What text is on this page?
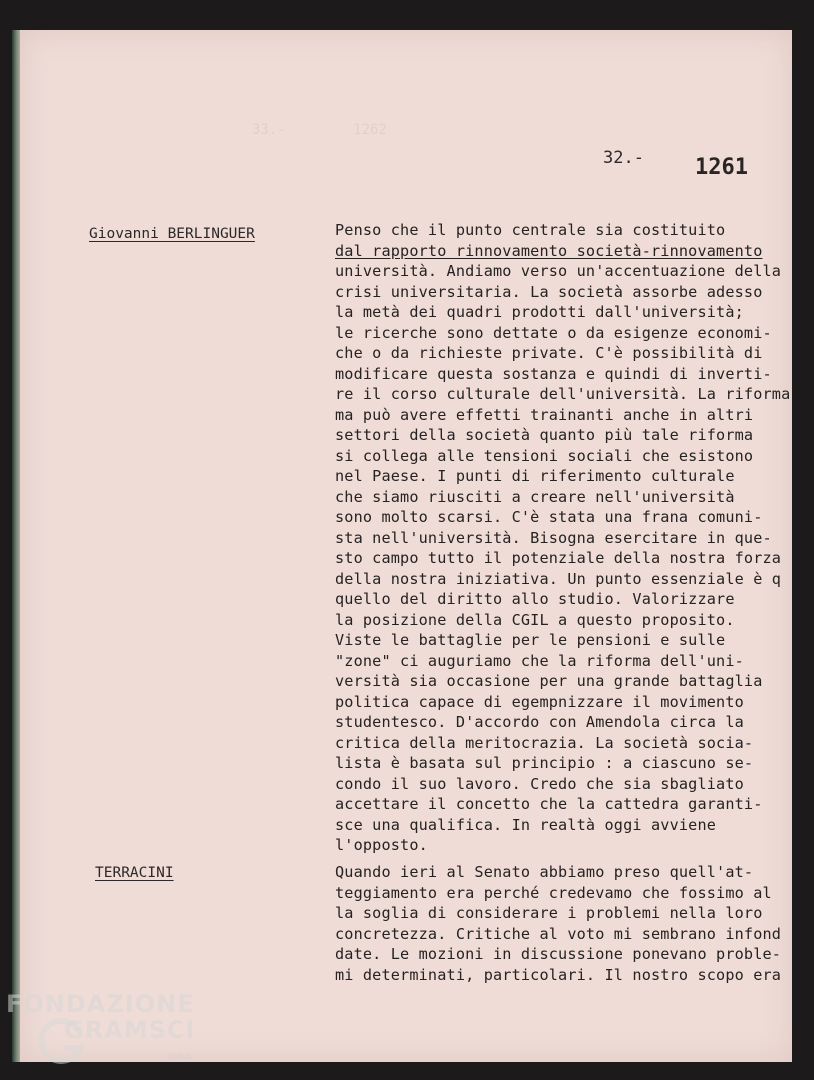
33.-        1262
32.- 1261
Giovanni BERLINGUER	Penso che il punto centrale sia costituito
dal rapporto rinnovamento società-rinnovamento
università. Andiamo verso un'accentuazione della
crisi universitaria. La società assorbe adesso
la metà dei quadri prodotti dall'università;
le ricerche sono dettate o da esigenze economi-
che o da richieste private. C'è possibilità di
modificare questa sostanza e quindi di inverti-
re il corso culturale dell'università. La riforma
ma può avere effetti trainanti anche in altri
settori della società quanto più tale riforma
si collega alle tensioni sociali che esistono
nel Paese. I punti di riferimento culturale
che siamo riusciti a creare nell'università
sono molto scarsi. C'è stata una frana comuni-
sta nell'università. Bisogna esercitare in que-
sto campo tutto il potenziale della nostra forza
della nostra iniziativa. Un punto essenziale è q
quello del diritto allo studio. Valorizzare
la posizione della CGIL a questo proposito.
Viste le battaglie per le pensioni e sulle
"zone" ci auguriamo che la riforma dell'uni-
versità sia occasione per una grande battaglia
politica capace di egempnizzare il movimento
studentesco. D'accordo con Amendola circa la
critica della meritocrazia. La società socia-
lista è basata sul principio : a ciascuno se-
condo il suo lavoro. Credo che sia sbagliato
accettare il concetto che la cattedra garanti-
sce una qualifica. In realtà oggi avviene
l'opposto.
TERRACINI	Quando ieri al Senato abbiamo preso quell'at-
teggiamento era perché credevamo che fossimo al
la soglia di considerare i problemi nella loro
concretezza. Critiche al voto mi sembrano infond
date. Le mozioni in discussione ponevano proble-
mi determinati, particolari. Il nostro scopo era
FONDAZIONE
GRAMSCI
onlus
